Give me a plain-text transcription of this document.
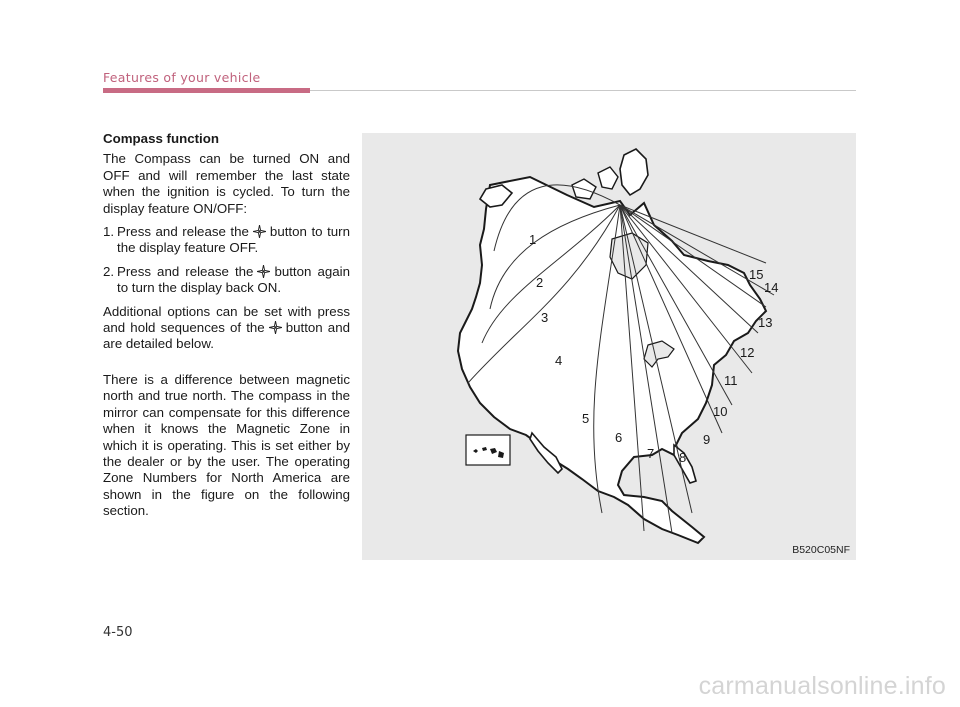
Features of your vehicle

Compass function

The Compass can be turned ON and OFF and will remember the last state when the ignition is cycled. To turn the display feature ON/OFF:

1. Press and release the button to turn the display feature OFF.
2. Press and release the button again to turn the display back ON.

Additional options can be set with press and hold sequences of the button and are detailed below.

There is a difference between magnetic north and true north. The compass in the mirror can compensate for this difference when it knows the Magnetic Zone in which it is operating. This is set either by the dealer or by the user. The operating Zone Numbers for North America are shown in the figure on the following section.

1
2
3
4
5
6
7 8
9
10
11
12
13
14
15
B520C05NF
4-50
carmanualsonline.info
